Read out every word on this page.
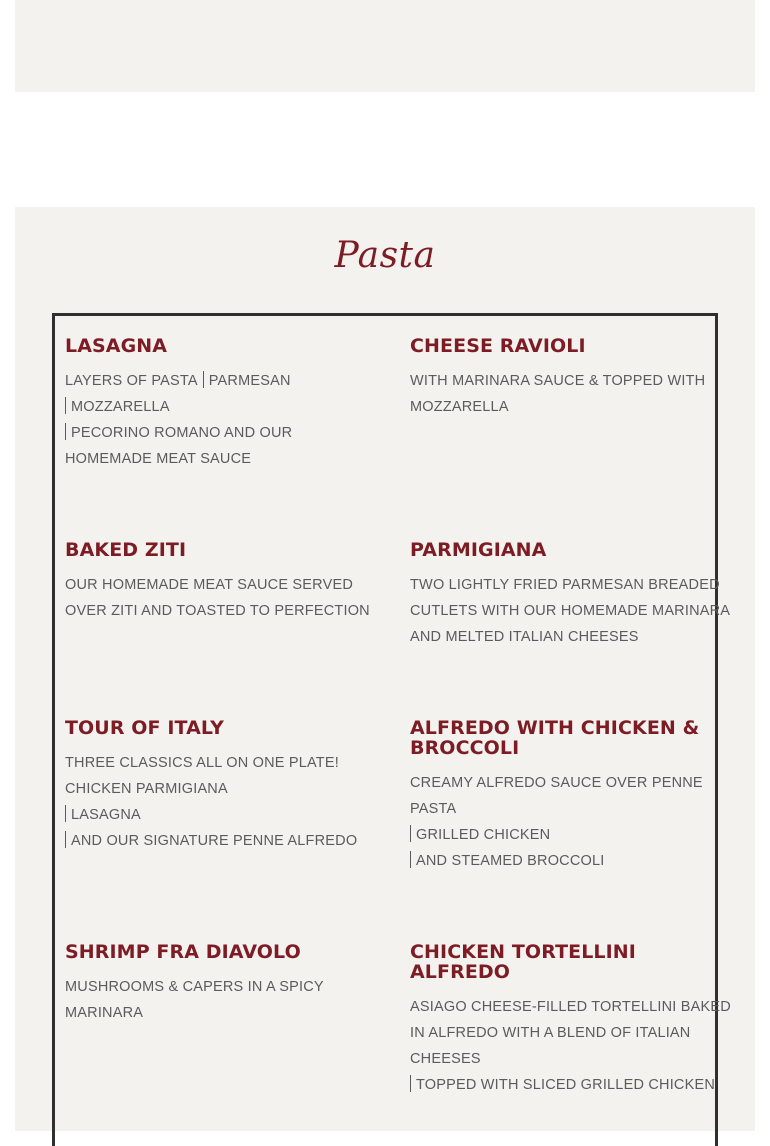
Pasta
LASAGNA
LAYERS OF PASTA PARMESAN
MOZZARELLA
PECORINO ROMANO AND OUR
HOMEMADE MEAT SAUCE
CHEESE RAVIOLI
WITH MARINARA SAUCE & TOPPED WITH
MOZZARELLA
BAKED ZITI
OUR HOMEMADE MEAT SAUCE SERVED
OVER ZITI AND TOASTED TO PERFECTION
PARMIGIANA
TWO LIGHTLY FRIED PARMESAN BREADED
CUTLETS WITH OUR HOMEMADE MARINARA
AND MELTED ITALIAN CHEESES
TOUR OF ITALY
THREE CLASSICS ALL ON ONE PLATE!
CHICKEN PARMIGIANA
LASAGNA
AND OUR SIGNATURE PENNE ALFREDO
ALFREDO WITH CHICKEN &
BROCCOLI
CREAMY ALFREDO SAUCE OVER PENNE
PASTA
GRILLED CHICKEN
AND STEAMED BROCCOLI
SHRIMP FRA DIAVOLO
MUSHROOMS & CAPERS IN A SPICY
MARINARA
CHICKEN TORTELLINI ALFREDO
ASIAGO CHEESE-FILLED TORTELLINI BAKED
IN ALFREDO WITH A BLEND OF ITALIAN
CHEESES
TOPPED WITH SLICED GRILLED CHICKEN
